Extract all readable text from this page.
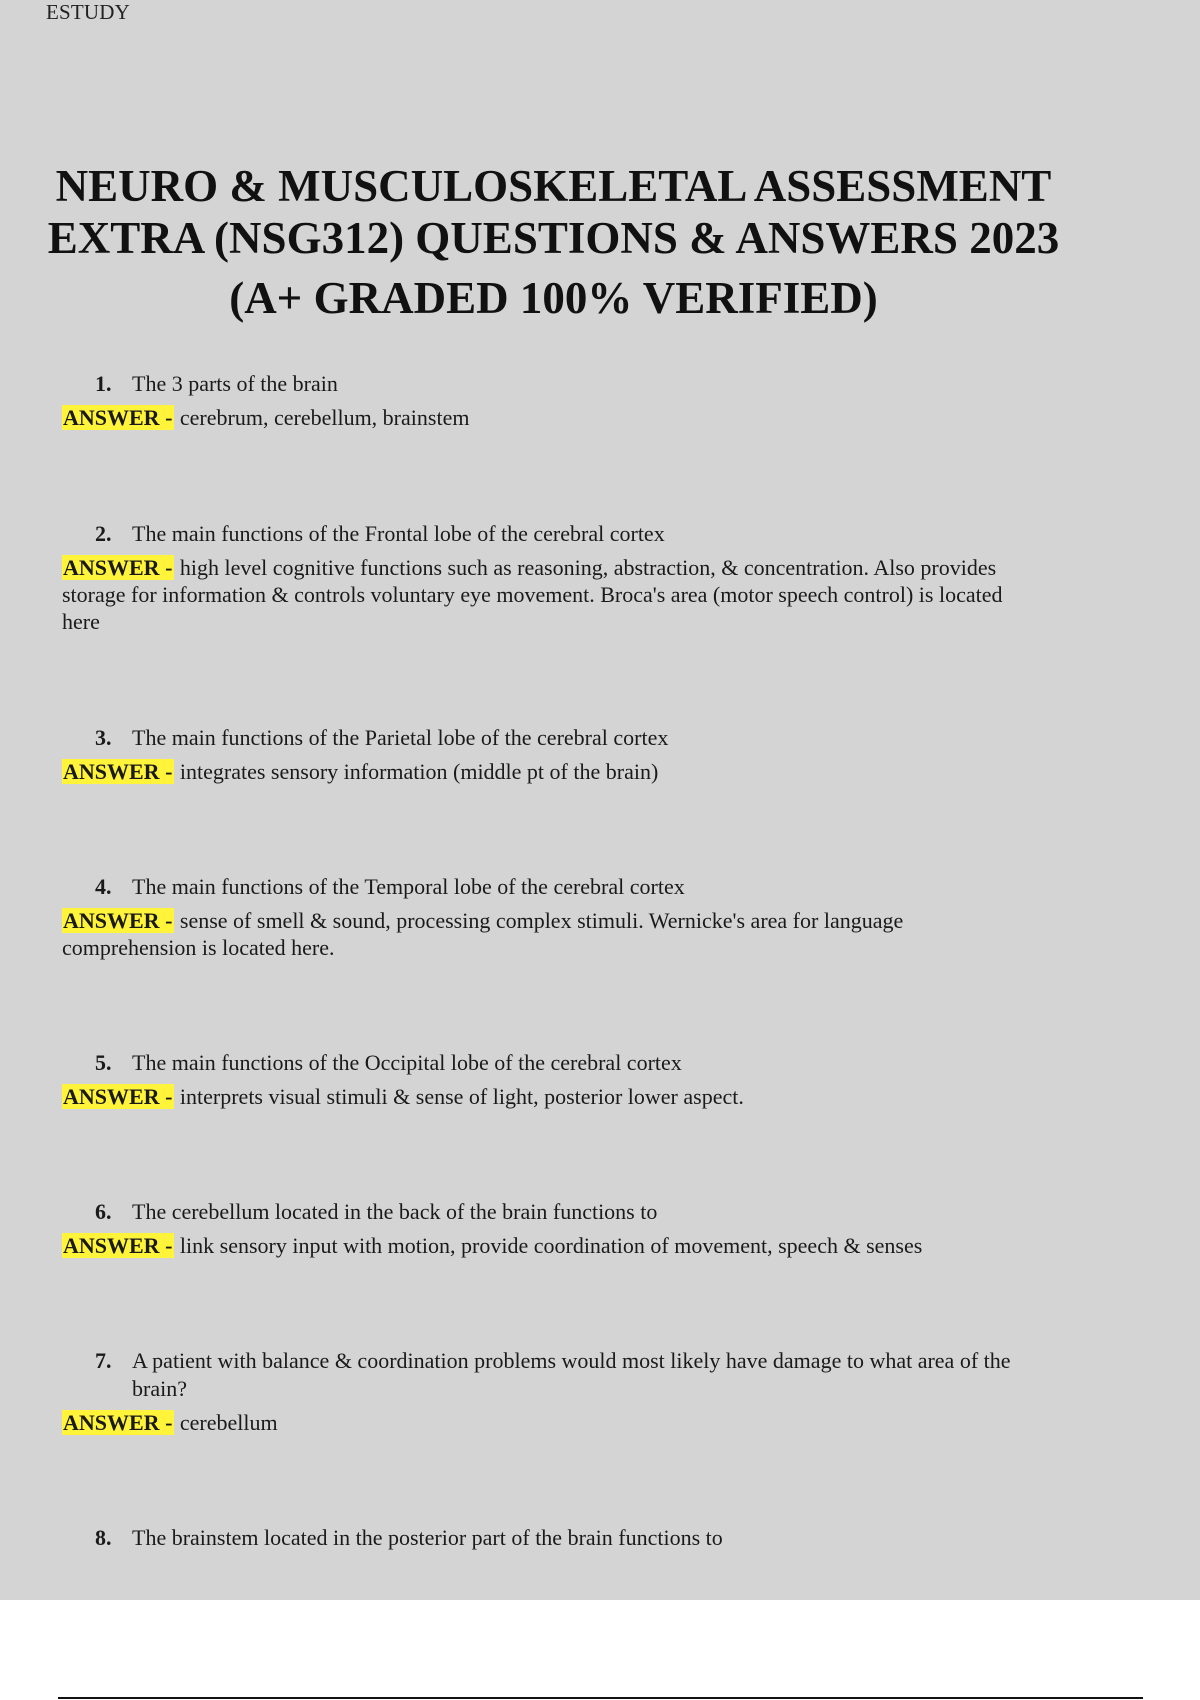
ESTUDY
NEURO & MUSCULOSKELETAL ASSESSMENT
EXTRA (NSG312) QUESTIONS & ANSWERS 2023
(A+ GRADED 100% VERIFIED)
1. The 3 parts of the brain
ANSWER - cerebrum, cerebellum, brainstem
2. The main functions of the Frontal lobe of the cerebral cortex
ANSWER - high level cognitive functions such as reasoning, abstraction, & concentration. Also provides storage for information & controls voluntary eye movement. Broca's area (motor speech control) is located here
3. The main functions of the Parietal lobe of the cerebral cortex
ANSWER - integrates sensory information (middle pt of the brain)
4. The main functions of the Temporal lobe of the cerebral cortex
ANSWER - sense of smell & sound, processing complex stimuli. Wernicke's area for language comprehension is located here.
5. The main functions of the Occipital lobe of the cerebral cortex
ANSWER - interprets visual stimuli & sense of light, posterior lower aspect.
6. The cerebellum located in the back of the brain functions to
ANSWER - link sensory input with motion, provide coordination of movement, speech & senses
7. A patient with balance & coordination problems would most likely have damage to what area of the brain?
ANSWER - cerebellum
8. The brainstem located in the posterior part of the brain functions to
